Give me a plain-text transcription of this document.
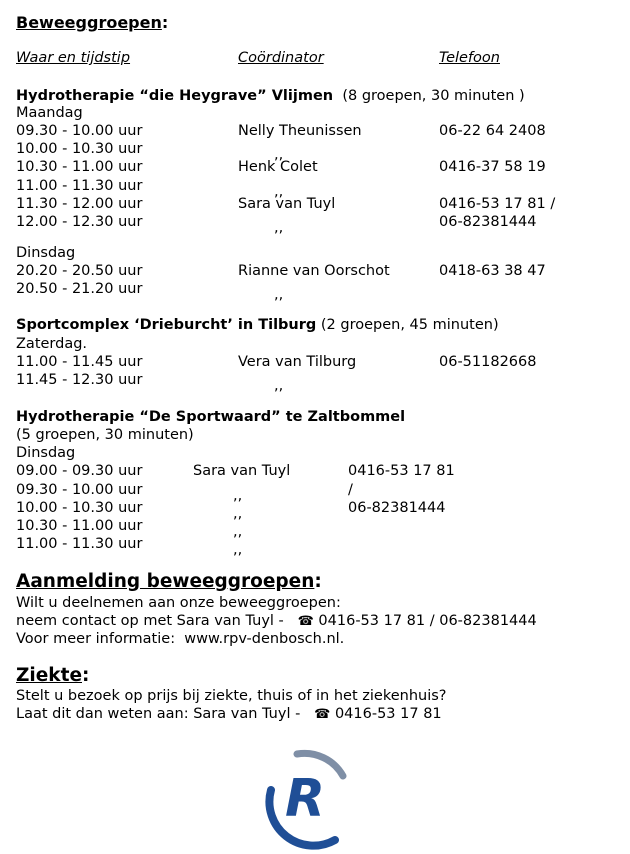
Beweeggroepen:
Waar en tijdstip	Coördinator	Telefoon
Hydrotherapie “die Heygrave” Vlijmen (8 groepen, 30 minuten )
Maandag
09.30 - 10.00 uur	Nelly Theunissen	06-22 64 2408
10.00 - 10.30 uur	,,
10.30 - 11.00 uur	Henk Colet	0416-37 58 19
11.00 - 11.30 uur	,,
11.30 - 12.00 uur	Sara van Tuyl	0416-53 17 81 /
12.00 - 12.30 uur	,,	06-82381444
Dinsdag
20.20 - 20.50 uur	Rianne van Oorschot	0418-63 38 47
20.50 - 21.20 uur	,,
Sportcomplex ‘Drieburcht’ in Tilburg (2 groepen, 45 minuten)
Zaterdag.
11.00 - 11.45 uur	Vera van Tilburg	06-51182668
11.45 - 12.30 uur	,,
Hydrotherapie “De Sportwaard” te Zaltbommel
(5 groepen, 30 minuten)
Dinsdag
09.00 - 09.30 uur	Sara van Tuyl	0416-53 17 81
09.30 - 10.00 uur	,,	/
10.00 - 10.30 uur	,,	06-82381444
10.30 - 11.00 uur	,,
11.00 - 11.30 uur	,,
Aanmelding beweeggroepen:
Wilt u deelnemen aan onze beweeggroepen:
neem contact op met Sara van Tuyl - ☎ 0416-53 17 81 / 06-82381444
Voor meer informatie: www.rpv-denbosch.nl.
Ziekte:
Stelt u bezoek op prijs bij ziekte, thuis of in het ziekenhuis?
Laat dit dan weten aan: Sara van Tuyl - ☎ 0416-53 17 81
R
